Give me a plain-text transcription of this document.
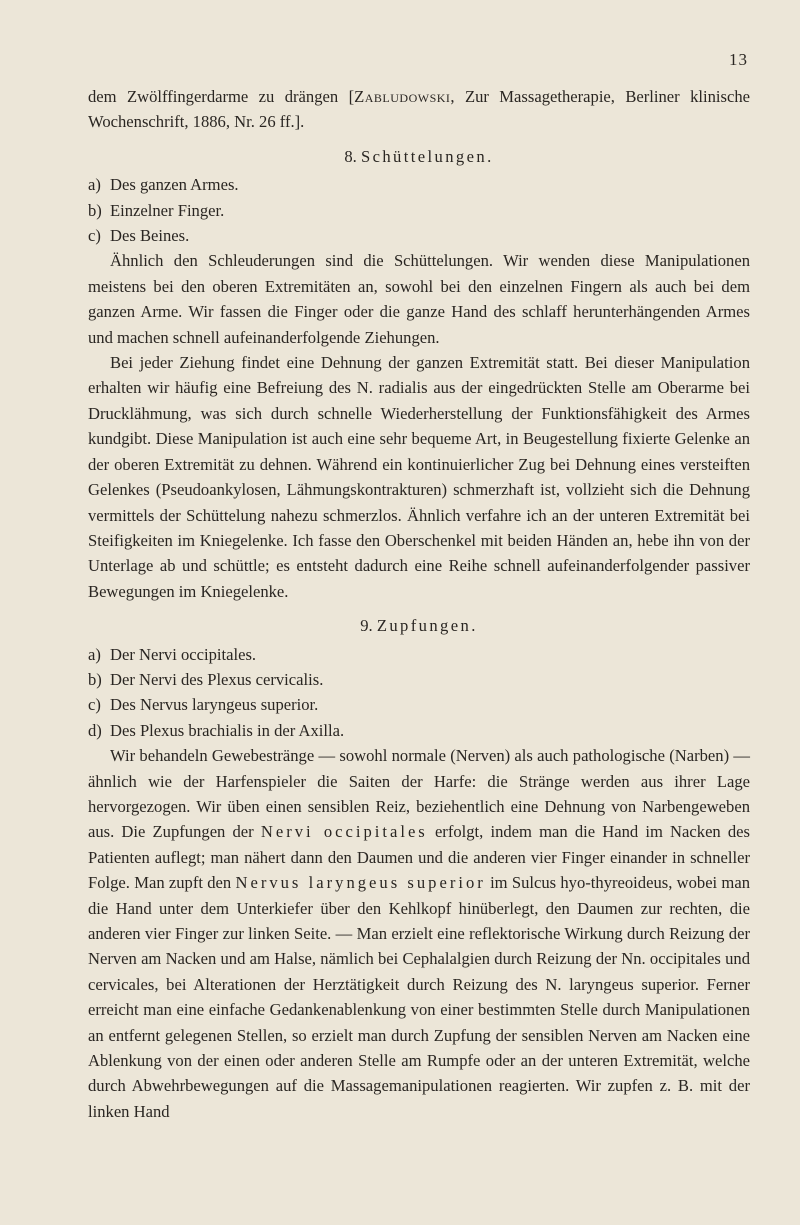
13

dem Zwölffingerdarme zu drängen [Zabludowski, Zur Massagetherapie, Berliner klinische Wochenschrift, 1886, Nr. 26 ff.].

8. Schüttelungen.
a) Des ganzen Armes.
b) Einzelner Finger.
c) Des Beines.

Ähnlich den Schleuderungen sind die Schüttelungen. Wir wenden diese Manipulationen meistens bei den oberen Extremitäten an, sowohl bei den einzelnen Fingern als auch bei dem ganzen Arme. Wir fassen die Finger oder die ganze Hand des schlaff herunterhängenden Armes und machen schnell aufeinanderfolgende Ziehungen.

Bei jeder Ziehung findet eine Dehnung der ganzen Extremität statt. Bei dieser Manipulation erhalten wir häufig eine Befreiung des N. radialis aus der eingedrückten Stelle am Oberarme bei Drucklähmung, was sich durch schnelle Wiederherstellung der Funktionsfähigkeit des Armes kundgibt. Diese Manipulation ist auch eine sehr bequeme Art, in Beugestellung fixierte Gelenke an der oberen Extremität zu dehnen. Während ein kontinuierlicher Zug bei Dehnung eines versteiften Gelenkes (Pseudoankylosen, Lähmungskontrakturen) schmerzhaft ist, vollzieht sich die Dehnung vermittels der Schüttelung nahezu schmerzlos. Ähnlich verfahre ich an der unteren Extremität bei Steifigkeiten im Kniegelenke. Ich fasse den Oberschenkel mit beiden Händen an, hebe ihn von der Unterlage ab und schüttle; es entsteht dadurch eine Reihe schnell aufeinanderfolgender passiver Bewegungen im Kniegelenke.

9. Zupfungen.
a) Der Nervi occipitales.
b) Der Nervi des Plexus cervicalis.
c) Des Nervus laryngeus superior.
d) Des Plexus brachialis in der Axilla.

Wir behandeln Gewebestränge — sowohl normale (Nerven) als auch pathologische (Narben) — ähnlich wie der Harfenspieler die Saiten der Harfe: die Stränge werden aus ihrer Lage hervorgezogen. Wir üben einen sensiblen Reiz, beziehentlich eine Dehnung von Narbengeweben aus. Die Zupfungen der Nervi occipitales erfolgt, indem man die Hand im Nacken des Patienten auflegt; man nähert dann den Daumen und die anderen vier Finger einander in schneller Folge. Man zupft den Nervus laryngeus superior im Sulcus hyo-thyreoideus, wobei man die Hand unter dem Unterkiefer über den Kehlkopf hinüberlegt, den Daumen zur rechten, die anderen vier Finger zur linken Seite. — Man erzielt eine reflektorische Wirkung durch Reizung der Nerven am Nacken und am Halse, nämlich bei Cephalalgien durch Reizung der Nn. occipitales und cervicales, bei Alterationen der Herztätigkeit durch Reizung des N. laryngeus superior. Ferner erreicht man eine einfache Gedankenablenkung von einer bestimmten Stelle durch Manipulationen an entfernt gelegenen Stellen, so erzielt man durch Zupfung der sensiblen Nerven am Nacken eine Ablenkung von der einen oder anderen Stelle am Rumpfe oder an der unteren Extremität, welche durch Abwehrbewegungen auf die Massagemanipulationen reagierten. Wir zupfen z. B. mit der linken Hand
